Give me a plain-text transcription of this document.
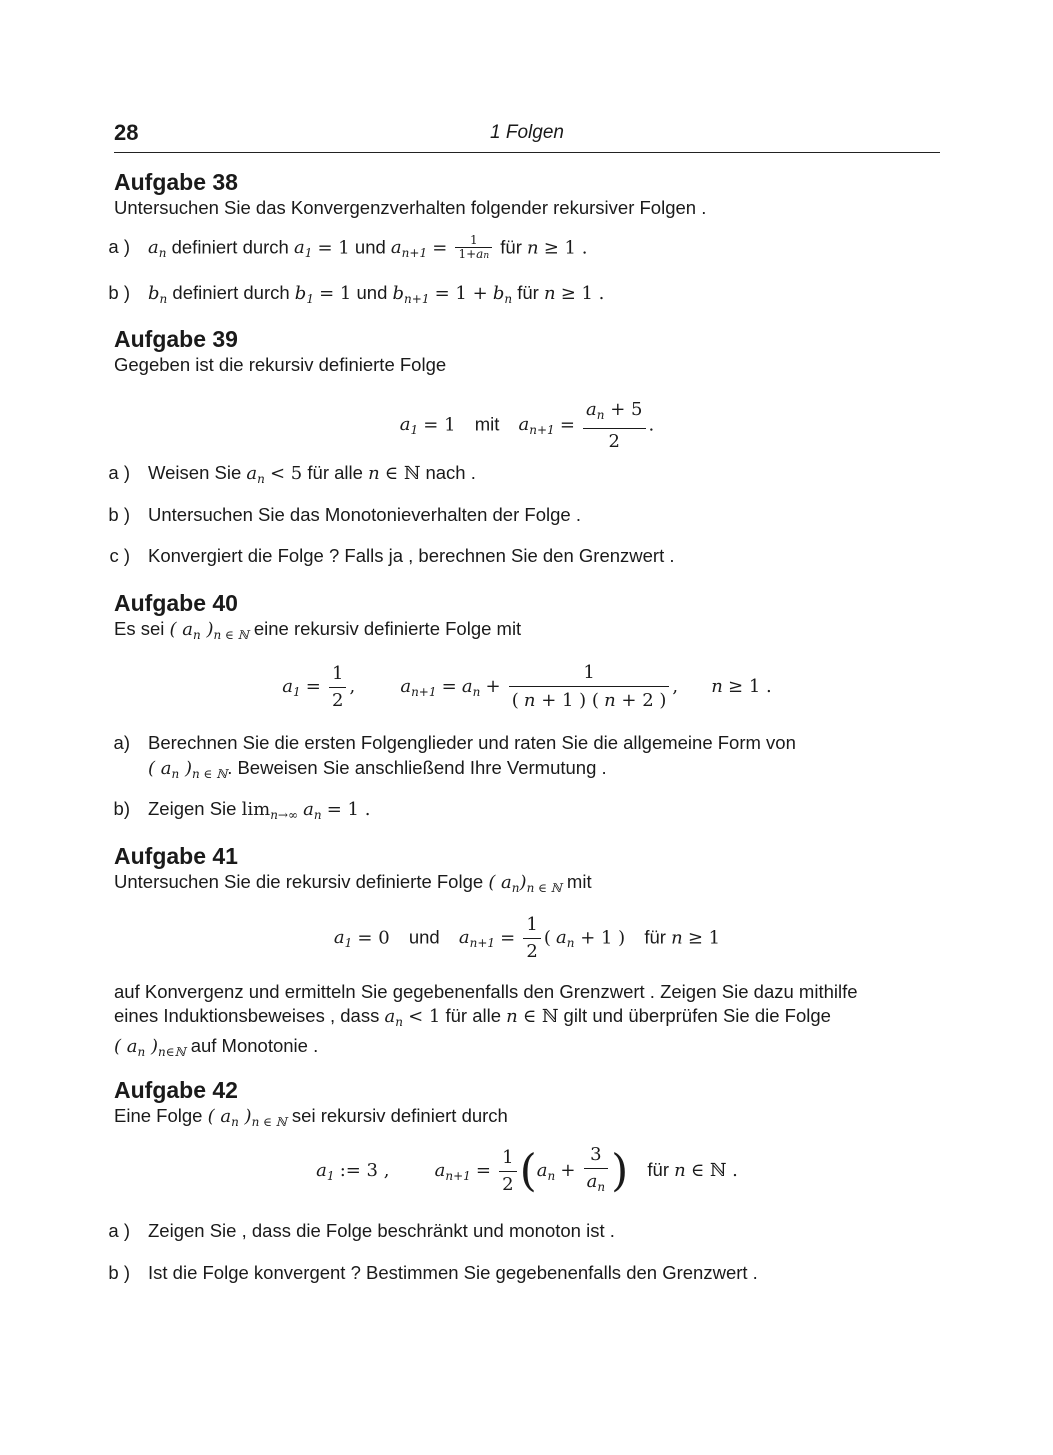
28	1 Folgen
Aufgabe 38
Untersuchen Sie das Konvergenzverhalten folgender rekursiver Folgen .
a ) $a_n$ definiert durch $a_1 = 1$ und $a_{n+1} = \frac{1}{1+an}$ für n ≥ 1 .
b ) $b_n$ definiert durch $b_1 = 1$ und $b_{n+1} = 1 + b_n$ für n ≥ 1 .
Aufgabe 39
Gegeben ist die rekursiv definierte Folge
$a_1 = 1$ mit $a_{n+1} = \frac{a_n + 5}{2}$ .
a ) Weisen Sie $a_n < 5$ für alle n ∈ ℕ nach .
b ) Untersuchen Sie das Monotonieverhalten der Folge .
c ) Konvergiert die Folge ? Falls ja , berechnen Sie den Grenzwert .
Aufgabe 40
Es sei ( $a_n$ )$_{n \in ℕ}$ eine rekursiv definierte Folge mit
$a_1 = \frac{1}{2}$ ,	$a_{n+1} = a_n + \frac{1}{( n + 1 ) ( n + 2 )}$ , n ≥ 1 .
a) Berechnen Sie die ersten Folgenglieder und raten Sie die allgemeine Form von
( $a_n$ )$_{n \in ℕ}$. Beweisen Sie anschließend Ihre Vermutung .
b) Zeigen Sie $\lim_{n\to\infty} a_n = 1$ .
Aufgabe 41
Untersuchen Sie die rekursiv definierte Folge ( $a_n)_{n \in ℕ}$ mit
$a_1 = 0$ und $a_{n+1} = \frac{1}{2}$ ( $a_n + 1$ ) für n ≥ 1
auf Konvergenz und ermitteln Sie gegebenenfalls den Grenzwert . Zeigen Sie dazu mithilfe
eines Induktionsbeweises , dass $a_n < 1$ für alle n ∈ ℕ gilt und überprüfen Sie die Folge
( $a_n$ )$_{n\in ℕ}$ auf Monotonie .
Aufgabe 42
Eine Folge ( $a_n$ )$_{n \in ℕ}$ sei rekursiv definiert durch
$a_1$ := 3 ,	$a_{n+1} = \frac{1}{2} (a_n + \frac{3}{a_n}$ ) für n ∈ ℕ .
a ) Zeigen Sie , dass die Folge beschränkt und monoton ist .
b ) Ist die Folge konvergent ? Bestimmen Sie gegebenenfalls den Grenzwert .
